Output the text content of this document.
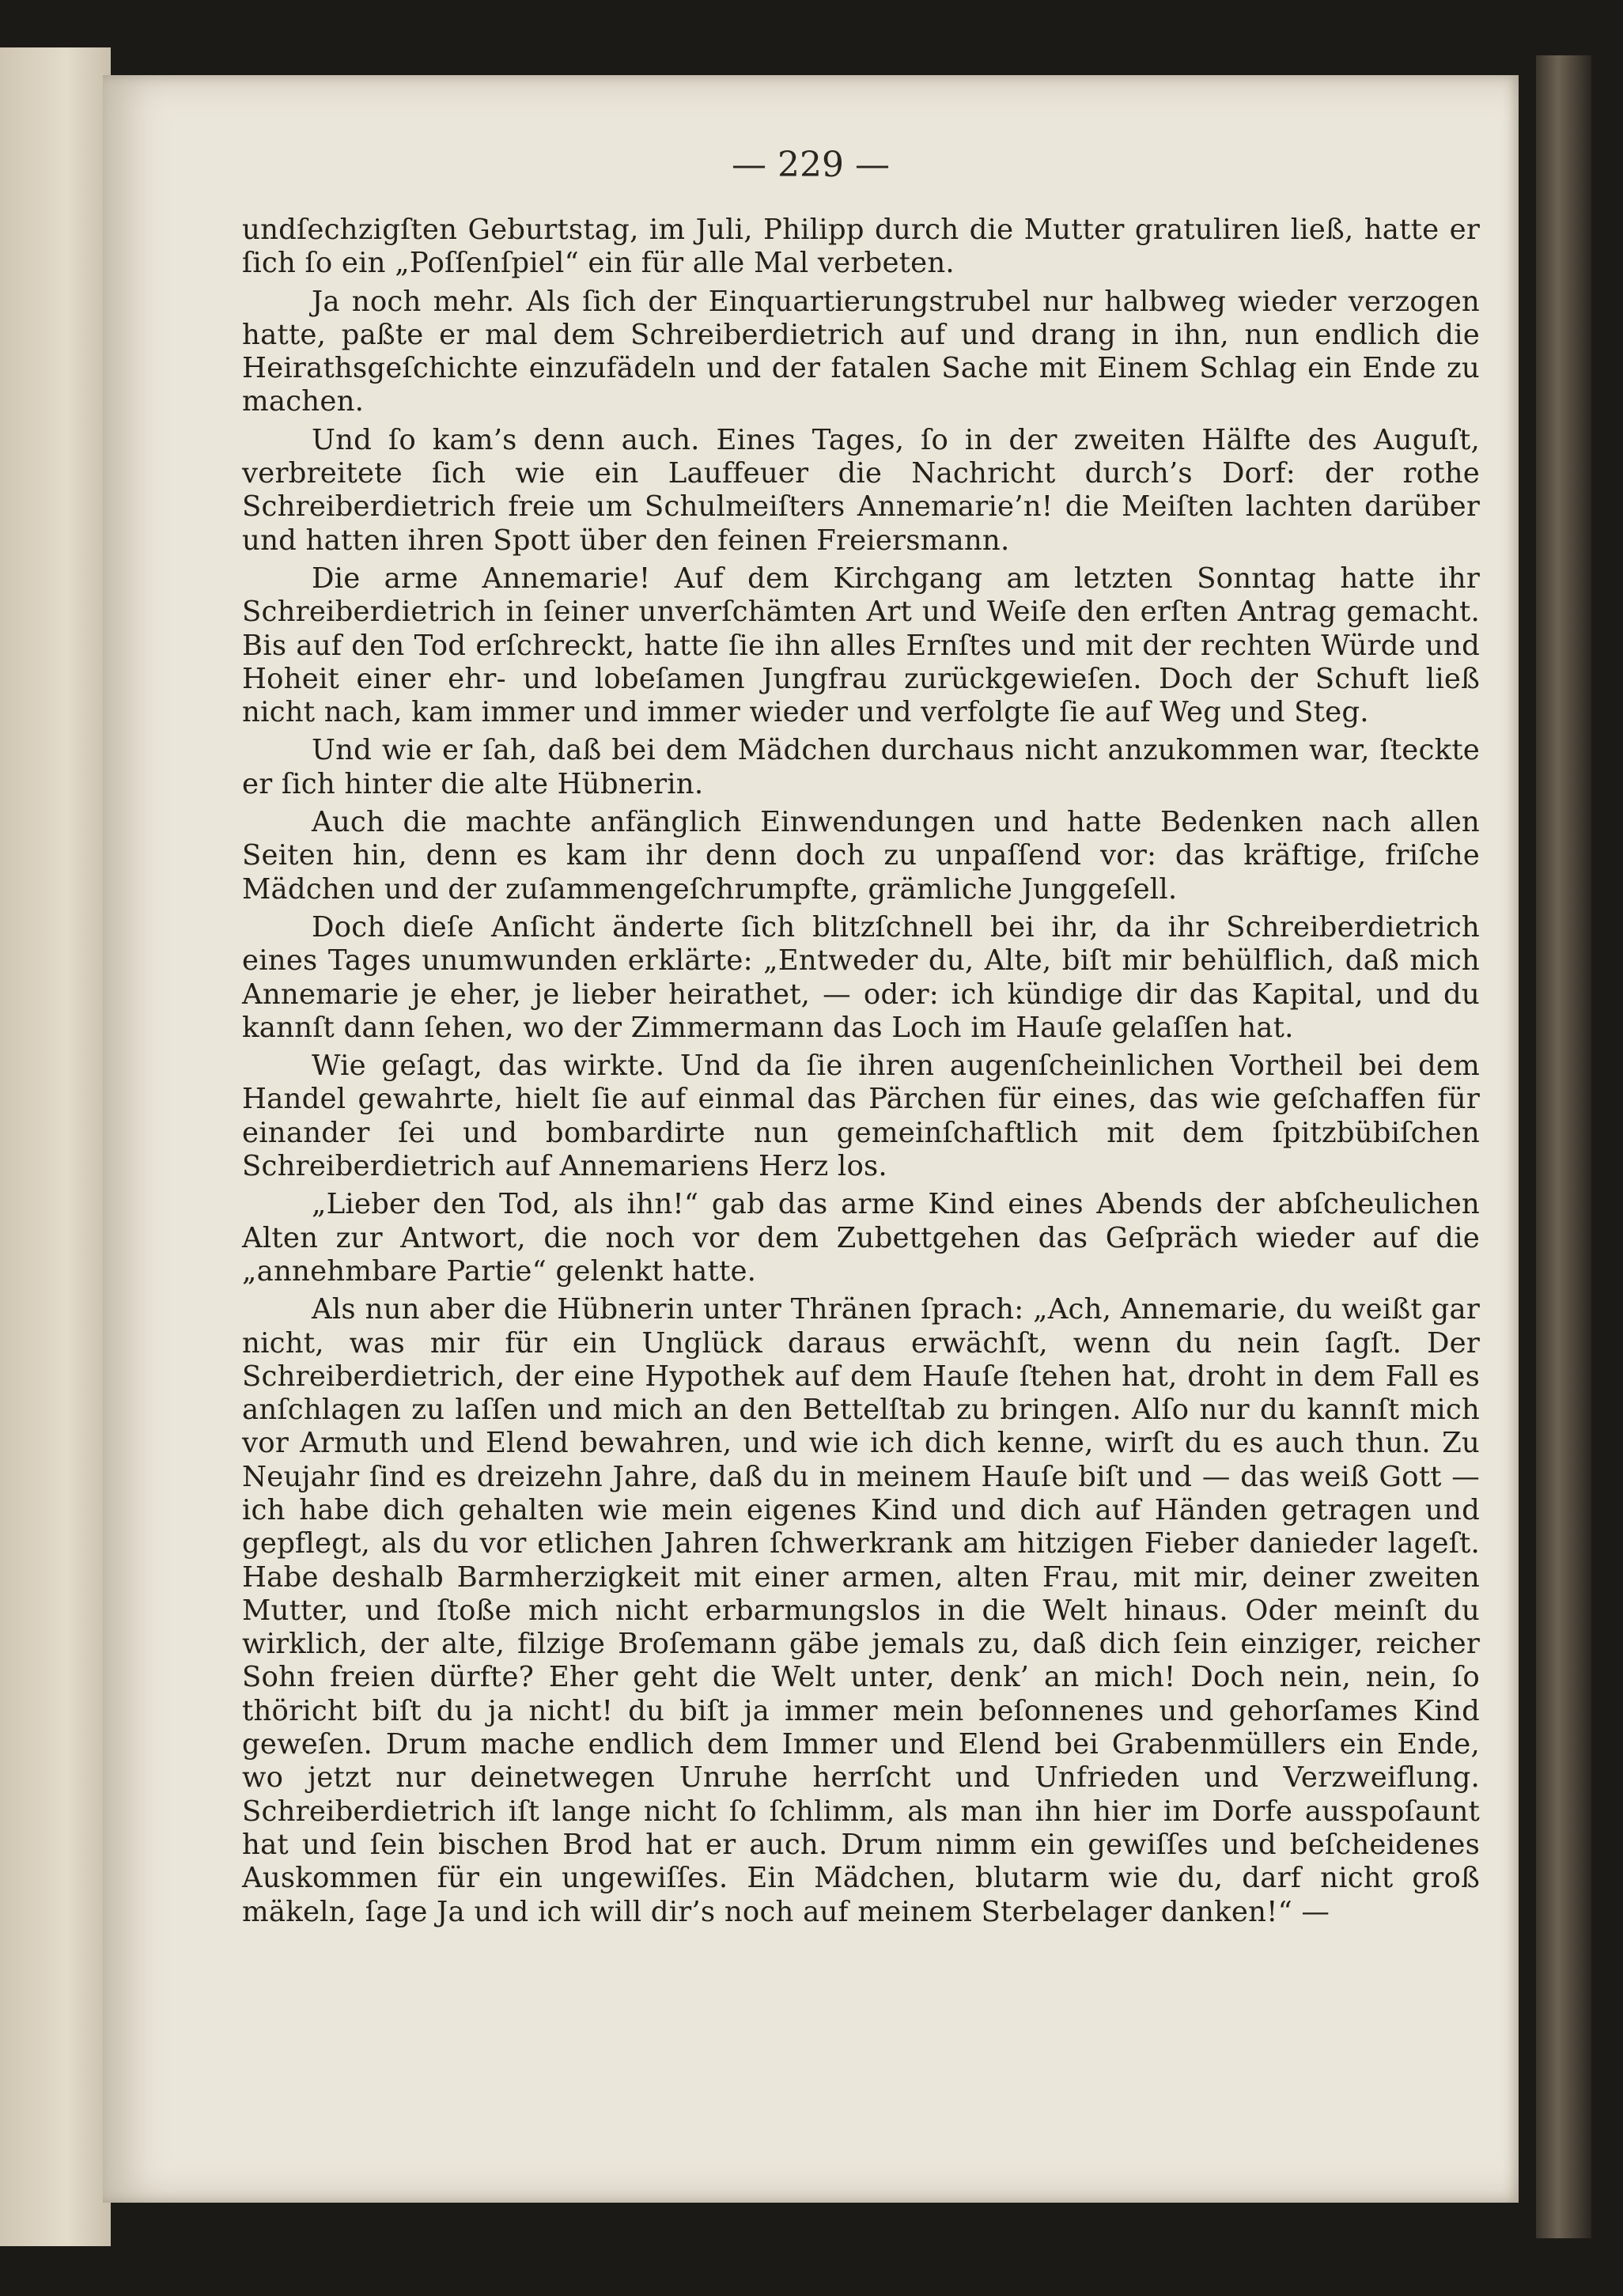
— 229 —

undſechzigſten Geburtstag, im Juli, Philipp durch die Mutter gratuliren ließ, hatte er ſich ſo ein „Poſſenſpiel“ ein für alle Mal verbeten.

Ja noch mehr. Als ſich der Einquartierungstrubel nur halbweg wieder verzogen hatte, paßte er mal dem Schreiberdietrich auf und drang in ihn, nun endlich die Heirathsgeſchichte einzufädeln und der fatalen Sache mit Einem Schlag ein Ende zu machen.

Und ſo kam’s denn auch. Eines Tages, ſo in der zweiten Hälfte des Auguſt, verbreitete ſich wie ein Lauffeuer die Nachricht durch’s Dorf: der rothe Schreiberdietrich freie um Schulmeiſters Annemarie’n! die Meiſten lachten darüber und hatten ihren Spott über den feinen Freiersmann.

Die arme Annemarie! Auf dem Kirchgang am letzten Sonntag hatte ihr Schreiberdietrich in ſeiner unverſchämten Art und Weiſe den erſten Antrag gemacht. Bis auf den Tod erſchreckt, hatte ſie ihn alles Ernſtes und mit der rechten Würde und Hoheit einer ehr- und lobeſamen Jungfrau zurückgewieſen. Doch der Schuft ließ nicht nach, kam immer und immer wieder und verfolgte ſie auf Weg und Steg.

Und wie er ſah, daß bei dem Mädchen durchaus nicht anzukommen war, ſteckte er ſich hinter die alte Hübnerin.

Auch die machte anfänglich Einwendungen und hatte Bedenken nach allen Seiten hin, denn es kam ihr denn doch zu unpaſſend vor: das kräftige, friſche Mädchen und der zuſammengeſchrumpfte, grämliche Junggeſell.

Doch dieſe Anſicht änderte ſich blitzſchnell bei ihr, da ihr Schreiberdietrich eines Tages unumwunden erklärte: „Entweder du, Alte, biſt mir behülflich, daß mich Annemarie je eher, je lieber heirathet, — oder: ich kündige dir das Kapital, und du kannſt dann ſehen, wo der Zimmermann das Loch im Hauſe gelaſſen hat.

Wie geſagt, das wirkte. Und da ſie ihren augenſcheinlichen Vortheil bei dem Handel gewahrte, hielt ſie auf einmal das Pärchen für eines, das wie geſchaffen für einander ſei und bombardirte nun gemeinſchaftlich mit dem ſpitzbübiſchen Schreiberdietrich auf Annemariens Herz los.

„Lieber den Tod, als ihn!“ gab das arme Kind eines Abends der abſcheulichen Alten zur Antwort, die noch vor dem Zubettgehen das Geſpräch wieder auf die „annehmbare Partie“ gelenkt hatte.

Als nun aber die Hübnerin unter Thränen ſprach: „Ach, Annemarie, du weißt gar nicht, was mir für ein Unglück daraus erwächſt, wenn du nein ſagſt. Der Schreiberdietrich, der eine Hypothek auf dem Hauſe ſtehen hat, droht in dem Fall es anſchlagen zu laſſen und mich an den Bettelſtab zu bringen. Alſo nur du kannſt mich vor Armuth und Elend bewahren, und wie ich dich kenne, wirſt du es auch thun. Zu Neujahr ſind es dreizehn Jahre, daß du in meinem Hauſe biſt und — das weiß Gott — ich habe dich gehalten wie mein eigenes Kind und dich auf Händen getragen und gepflegt, als du vor etlichen Jahren ſchwerkrank am hitzigen Fieber danieder lageſt. Habe deshalb Barmherzigkeit mit einer armen, alten Frau, mit mir, deiner zweiten Mutter, und ſtoße mich nicht erbarmungslos in die Welt hinaus. Oder meinſt du wirklich, der alte, filzige Broſemann gäbe jemals zu, daß dich ſein einziger, reicher Sohn freien dürfte? Eher geht die Welt unter, denk’ an mich! Doch nein, nein, ſo thöricht biſt du ja nicht! du biſt ja immer mein beſonnenes und gehorſames Kind geweſen. Drum mache endlich dem Immer und Elend bei Grabenmüllers ein Ende, wo jetzt nur deinetwegen Unruhe herrſcht und Unfrieden und Verzweiflung. Schreiberdietrich iſt lange nicht ſo ſchlimm, als man ihn hier im Dorfe ausspoſaunt hat und ſein bischen Brod hat er auch. Drum nimm ein gewiſſes und beſcheidenes Auskommen für ein ungewiſſes. Ein Mädchen, blutarm wie du, darf nicht groß mäkeln, ſage Ja und ich will dir’s noch auf meinem Sterbelager danken!“ —
